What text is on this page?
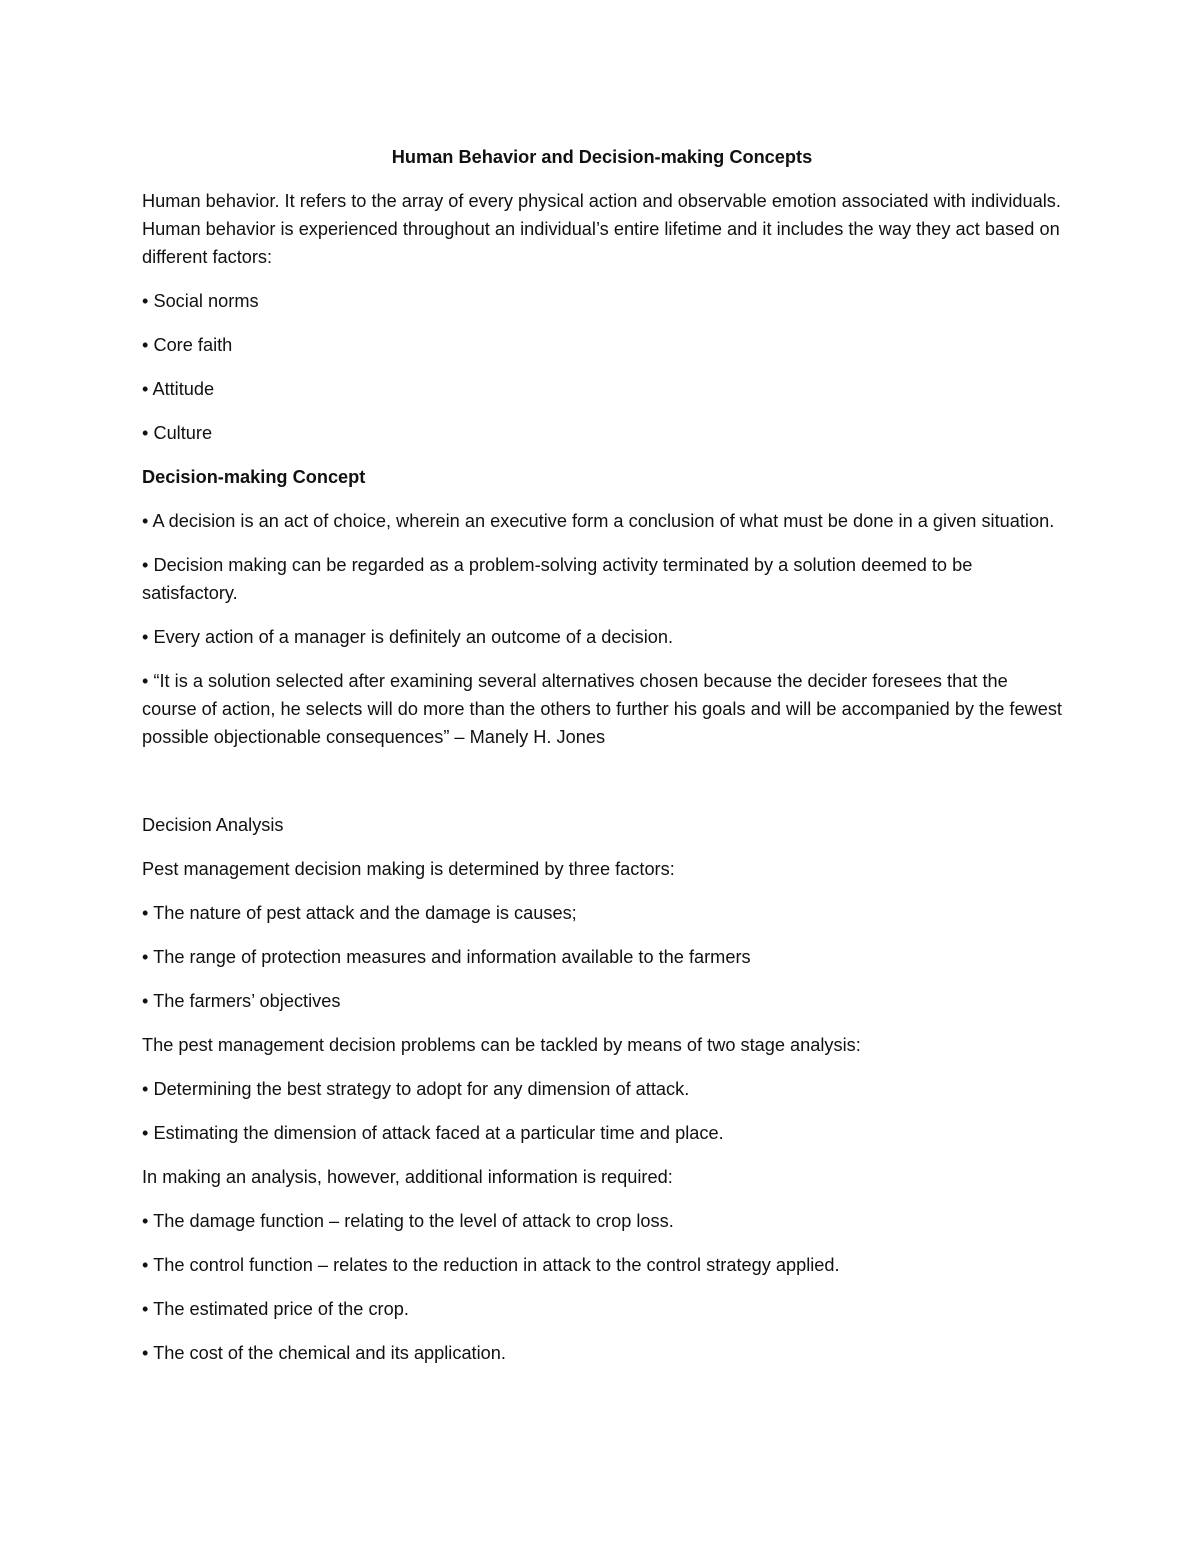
Human Behavior and Decision-making Concepts

Human behavior. It refers to the array of every physical action and observable emotion associated with individuals. Human behavior is experienced throughout an individual’s entire lifetime and it includes the way they act based on different factors:

• Social norms

• Core faith

• Attitude

• Culture

Decision-making Concept

• A decision is an act of choice, wherein an executive form a conclusion of what must be done in a given situation.

• Decision making can be regarded as a problem-solving activity terminated by a solution deemed to be satisfactory.

• Every action of a manager is definitely an outcome of a decision.

• “It is a solution selected after examining several alternatives chosen because the decider foresees that the course of action, he selects will do more than the others to further his goals and will be accompanied by the fewest possible objectionable consequences” – Manely H. Jones

Decision Analysis

Pest management decision making is determined by three factors:

• The nature of pest attack and the damage is causes;

• The range of protection measures and information available to the farmers

• The farmers’ objectives

The pest management decision problems can be tackled by means of two stage analysis:

• Determining the best strategy to adopt for any dimension of attack.

• Estimating the dimension of attack faced at a particular time and place.

In making an analysis, however, additional information is required:

• The damage function – relating to the level of attack to crop loss.

• The control function – relates to the reduction in attack to the control strategy applied.

• The estimated price of the crop.

• The cost of the chemical and its application.
